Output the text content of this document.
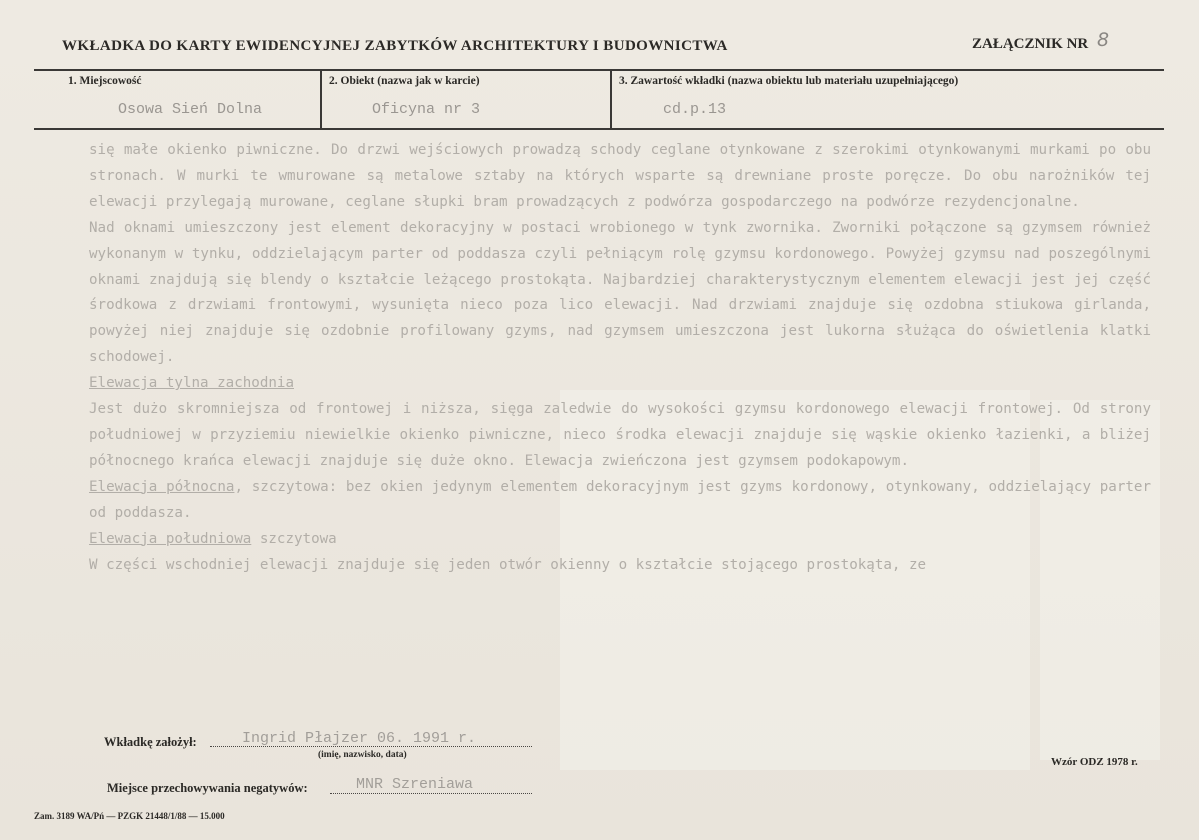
WKŁADKA DO KARTY EWIDENCYJNEJ ZABYTKÓW ARCHITEKTURY I BUDOWNICTWA	ZAŁĄCZNIK NR 8
1. Miejscowość
Osowa Sień Dolna
2. Obiekt (nazwa jak w karcie)
Oficyna nr 3
3. Zawartość wkładki (nazwa obiektu lub materiału uzupełniającego)
cd.p.13

się małe okienko piwniczne. Do drzwi wejściowych prowadzą schody ceglane otynkowane z szerokimi otynkowanymi murkami po obu stronach. W murki te wmurowane są metalowe sztaby na których wsparte są drewniane proste poręcze. Do obu narożników tej elewacji przylegają murowane, ceglane słupki bram prowadzących z podwórza gospodarczego na podwórze rezydencjonalne.

Nad oknami umieszczony jest element dekoracyjny w postaci wrobionego w tynk zwornika. Zworniki połączone są gzymsem również wykonanym w tynku, oddzielającym parter od poddasza czyli pełniącym rolę gzymsu kordonowego. Powyżej gzymsu nad poszególnymi oknami znajdują się blendy o kształcie leżącego prostokąta. Najbardziej charakterystycznym elementem elewacji jest jej część środkowa z drzwiami frontowymi, wysunięta nieco poza lico elewacji. Nad drzwiami znajduje się ozdobna stiukowa girlanda, powyżej niej znajduje się ozdobnie profilowany gzyms, nad gzymsem umieszczona jest lukorna służąca do oświetlenia klatki schodowej.

Elewacja tylna zachodnia

Jest dużo skromniejsza od frontowej i niższa, sięga zaledwie do wysokości gzymsu kordonowego elewacji frontowej. Od strony południowej w przyziemiu niewielkie okienko piwniczne, nieco środka elewacji znajduje się wąskie okienko łazienki, a bliżej północnego krańca elewacji znajduje się duże okno. Elewacja zwieńczona jest gzymsem podokapowym.

Elewacja północna, szczytowa: bez okien jedynym elementem dekoracyjnym jest gzyms kordonowy, otynkowany, oddzielający parter od poddasza.

Elewacja południowa szczytowa

W części wschodniej elewacji znajduje się jeden otwór okienny o kształcie stojącego prostokąta, ze

Wkładkę założył:	Ingrid Płajzer 06. 1991 r.
(imię, nazwisko, data)
Miejsce przechowywania negatywów:	MNR Szreniawa
Wzór ODZ 1978 r.
Zam. 3189 WA/Pń — PZGK 21448/1/88 — 15.000
